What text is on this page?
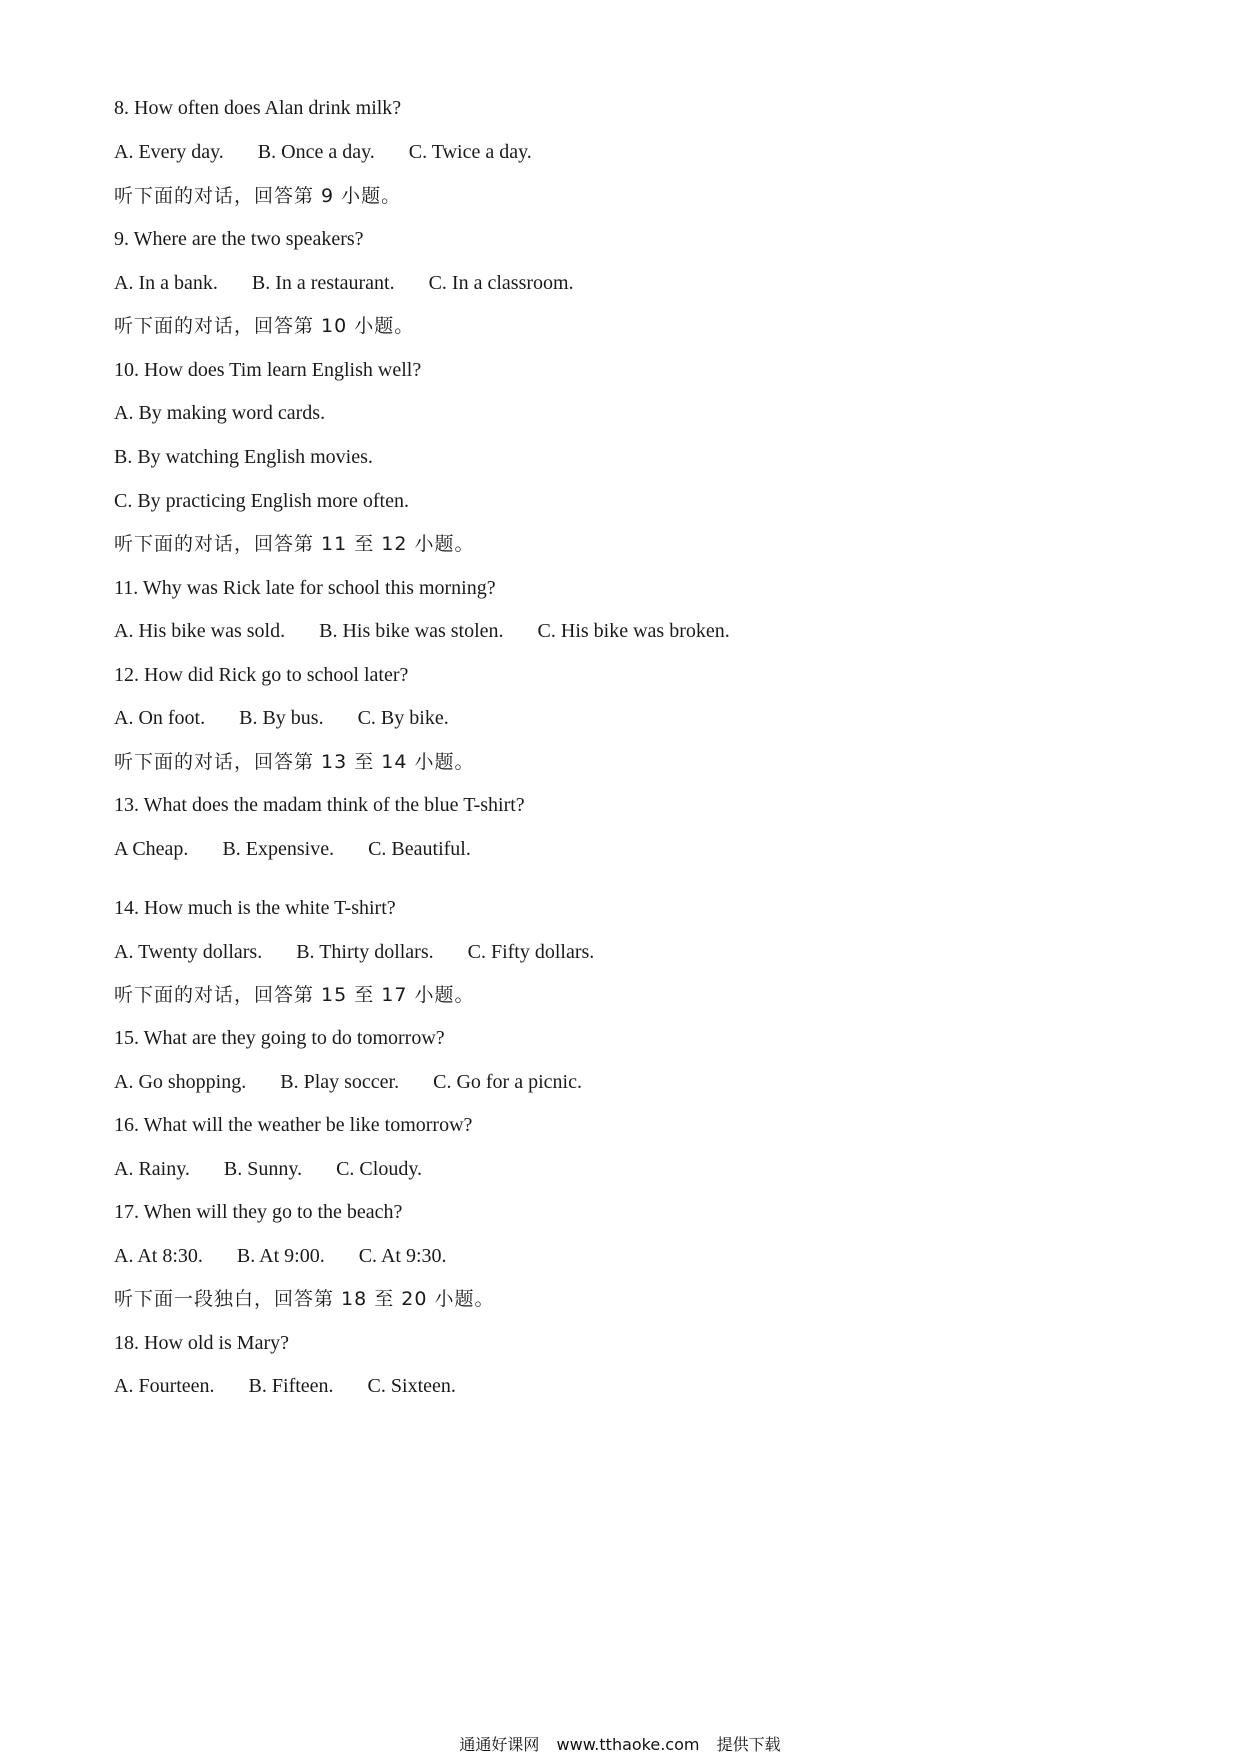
8. How often does Alan drink milk?
A. Every day. B. Once a day. C. Twice a day.
听下面的对话，回答第 9 小题。
9. Where are the two speakers?
A. In a bank. B. In a restaurant. C. In a classroom.
听下面的对话，回答第 10 小题。
10. How does Tim learn English well?
A. By making word cards.
B. By watching English movies.
C. By practicing English more often.
听下面的对话，回答第 11 至 12 小题。
11. Why was Rick late for school this morning?
A. His bike was sold. B. His bike was stolen. C. His bike was broken.
12. How did Rick go to school later?
A. On foot. B. By bus. C. By bike.
听下面的对话，回答第 13 至 14 小题。
13. What does the madam think of the blue T-shirt?
A Cheap. B. Expensive. C. Beautiful.
14. How much is the white T-shirt?
A. Twenty dollars. B. Thirty dollars. C. Fifty dollars.
听下面的对话，回答第 15 至 17 小题。
15. What are they going to do tomorrow?
A. Go shopping. B. Play soccer. C. Go for a picnic.
16. What will the weather be like tomorrow?
A. Rainy. B. Sunny. C. Cloudy.
17. When will they go to the beach?
A. At 8:30. B. At 9:00. C. At 9:30.
听下面一段独白，回答第 18 至 20 小题。
18. How old is Mary?
A. Fourteen. B. Fifteen. C. Sixteen.
通通好课网 www.tthaoke.com 提供下载
